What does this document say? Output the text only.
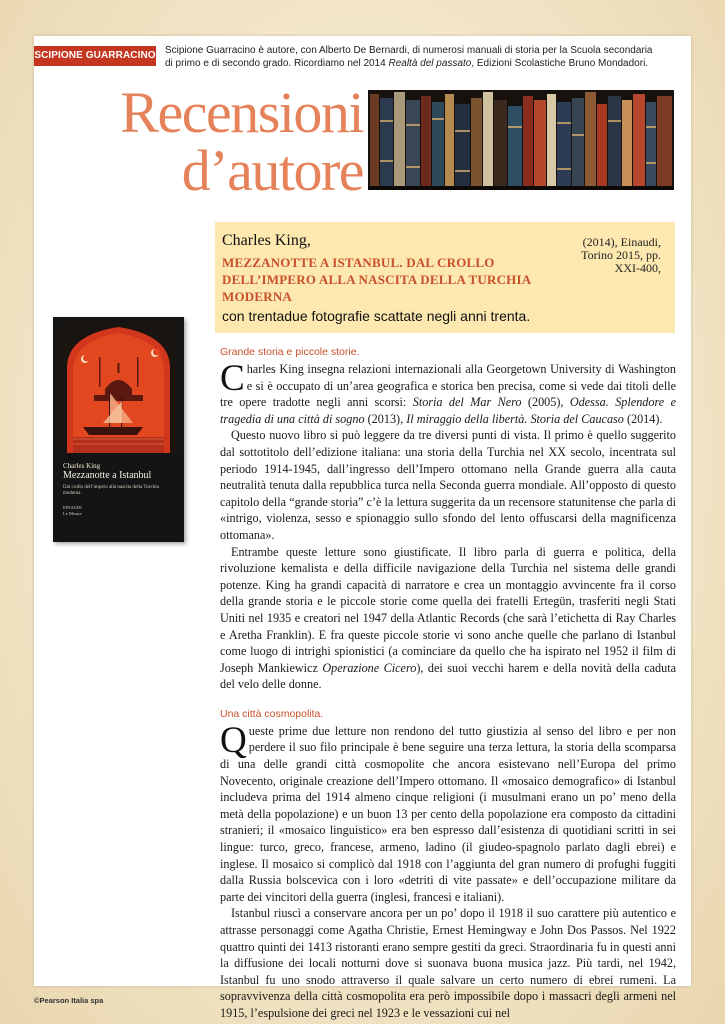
SCIPIONE GUARRACINO Scipione Guarracino è autore, con Alberto De Bernardi, di numerosi manuali di storia per la Scuola secondaria
di primo e di secondo grado. Ricordiamo nel 2014 Realtà del passato, Edizioni Scolastiche Bruno Mondadori.
Recensioni
d’autore
Charles King,
MEZZANOTTE A ISTANBUL. DAL CROLLO DELL’IMPERO ALLA NASCITA DELLA TURCHIA MODERNA
con trentadue fotografie scattate negli anni trenta.
(2014), Einaudi, Torino 2015, pp. XXI-400,
Charles King
Mezzanotte a Istanbul
Dal crollo dell’impero alla nascita della Turchia moderna
EINAUDI
Le Misure
Grande storia e piccole storie.

Charles King insegna relazioni internazionali alla Georgetown University di Washington e si è occupato di un’area geografica e storica ben precisa, come si vede dai titoli delle tre opere tradotte negli anni scorsi: Storia del Mar Nero (2005), Odessa. Splendore e tragedia di una città di sogno (2013), Il miraggio della libertà. Storia del Caucaso (2014).

Questo nuovo libro si può leggere da tre diversi punti di vista. Il primo è quello suggerito dal sottotitolo dell’edizione italiana: una storia della Turchia nel XX secolo, incentrata sul periodo 1914-1945, dall’ingresso dell’Impero ottomano nella Grande guerra alla cauta neutralità tenuta dalla repubblica turca nella Seconda guerra mondiale. All’opposto di questo capitolo della “grande storia” c’è la lettura suggerita da un recensore statunitense che parla di «intrigo, violenza, sesso e spionaggio sullo sfondo del lento offuscarsi della magnificenza ottomana».

Entrambe queste letture sono giustificate. Il libro parla di guerra e politica, della rivoluzione kemalista e della difficile navigazione della Turchia nel sistema delle grandi potenze. King ha grandi capacità di narratore e crea un montaggio avvincente fra il corso della grande storia e le piccole storie come quella dei fratelli Ertegün, trasferiti negli Stati Uniti nel 1935 e creatori nel 1947 della Atlantic Records (che sarà l’etichetta di Ray Charles e Aretha Franklin). E fra queste piccole storie vi sono anche quelle che parlano di Istanbul come luogo di intrighi spionistici (a cominciare da quello che ha ispirato nel 1952 il film di Joseph Mankiewicz Operazione Cicero), dei suoi vecchi harem e della novità della caduta del velo delle donne.

Una città cosmopolita.

Queste prime due letture non rendono del tutto giustizia al senso del libro e per non perdere il suo filo principale è bene seguire una terza lettura, la storia della scomparsa di una delle grandi città cosmopolite che ancora esistevano nell’Europa del primo Novecento, originale creazione dell’Impero ottomano. Il «mosaico demografico» di Istanbul includeva prima del 1914 almeno cinque religioni (i musulmani erano un po’ meno della metà della popolazione) e un buon 13 per cento della popolazione era composto da cittadini stranieri; il «mosaico linguistico» era ben espresso dall’esistenza di quotidiani scritti in sei lingue: turco, greco, francese, armeno, ladino (il giudeo-spagnolo parlato dagli ebrei) e inglese. Il mosaico si complicò dal 1918 con l’aggiunta del gran numero di profughi fuggiti dalla Russia bolscevica con i loro «detriti di vite passate» e dell’occupazione militare da parte dei vincitori della guerra (inglesi, francesi e italiani).

Istanbul riuscì a conservare ancora per un po’ dopo il 1918 il suo carattere più autentico e attrasse personaggi come Agatha Christie, Ernest Hemingway e John Dos Passos. Nel 1922 quattro quinti dei 1413 ristoranti erano sempre gestiti da greci. Straordinaria fu in questi anni la diffusione dei locali notturni dove si suonava buona musica jazz. Più tardi, nel 1942, Istanbul fu uno snodo attraverso il quale salvare un certo numero di ebrei rumeni. La sopravvivenza della città cosmopolita era però impossibile dopo i massacri degli armeni nel 1915, l’espulsione dei greci nel 1923 e le vessazioni cui nel

©Pearson Italia spa
